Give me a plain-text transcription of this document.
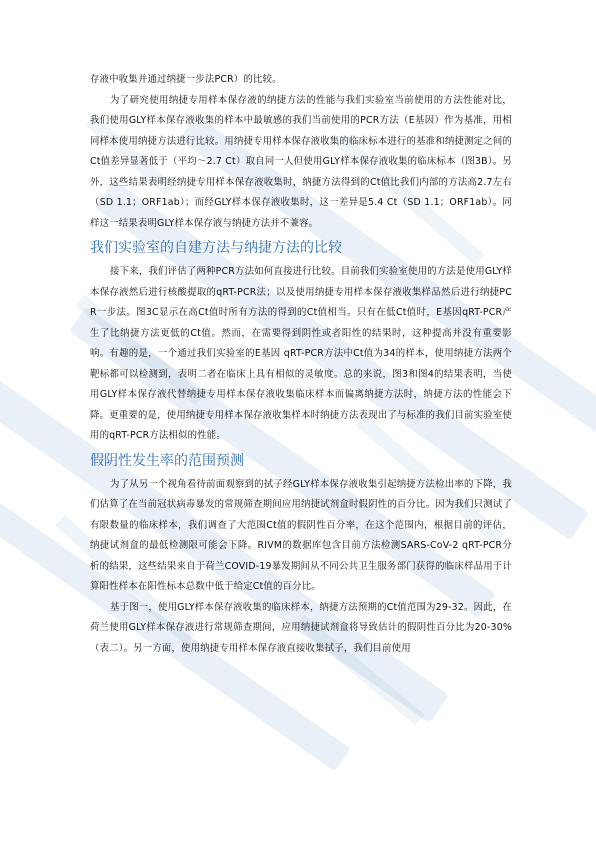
存液中收集并通过纳捷一步法PCR）的比较。

为了研究使用纳捷专用样本保存液的纳捷方法的性能与我们实验室当前使用的方法性能对比，我们使用GLY样本保存液收集的样本中最敏感的我们当前使用的PCR方法（E基因）作为基准，用相同样本使用纳捷方法进行比较。用纳捷专用样本保存液收集的临床标本进行的基准和纳捷测定之间的Ct值差异显著低于（平均～2.7 Ct）取自同一人但使用GLY样本保存液收集的临床标本（图3B）。另外，这些结果表明经纳捷专用样本保存液收集时，纳捷方法得到的Ct值比我们内部的方法高2.7左右（SD 1.1；ORF1ab）；而经GLY样本保存液收集时，这一差异是5.4 Ct（SD 1.1；ORF1ab）。同样这一结果表明GLY样本保存液与纳捷方法并不兼容。

我们实验室的自建方法与纳捷方法的比较

接下来，我们评估了两种PCR方法如何直接进行比较。目前我们实验室使用的方法是使用GLY样本保存液然后进行核酸提取的qRT-PCR法；以及使用纳捷专用样本保存液收集样品然后进行纳捷PCR一步法。图3C显示在高Ct值时所有方法的得到的Ct值相当。只有在低Ct值时，E基因qRT-PCR产生了比纳捷方法更低的Ct值。然而，在需要得到阴性或者阳性的结果时，这种提高并没有重要影响。有趣的是，一个通过我们实验室的E基因 qRT-PCR方法中Ct值为34的样本，使用纳捷方法两个靶标都可以检测到，表明二者在临床上具有相似的灵敏度。总的来说，图3和图4的结果表明，当使用GLY样本保存液代替纳捷专用样本保存液收集临床样本而偏离纳捷方法时，纳捷方法的性能会下降。更重要的是，使用纳捷专用样本保存液收集样本时纳捷方法表现出了与标准的我们目前实验室使用的qRT-PCR方法相似的性能。

假阴性发生率的范围预测

为了从另一个视角看待前面观察到的拭子经GLY样本保存液收集引起纳捷方法检出率的下降，我们估算了在当前冠状病毒暴发的常规筛查期间应用纳捷试剂盒时假阴性的百分比。因为我们只测试了有限数量的临床样本，我们调查了大范围Ct值的假阴性百分率，在这个范围内，根据目前的评估，纳捷试剂盒的最低检测限可能会下降。RIVM的数据库包含目前方法检测SARS-CoV-2 qRT-PCR分析的结果，这些结果来自于荷兰COVID-19暴发期间从不同公共卫生服务部门获得的临床样品用于计算阳性样本在阳性标本总数中低于给定Ct值的百分比。

基于图一，使用GLY样本保存液收集的临床样本，纳捷方法预期的Ct值范围为29-32。因此，在荷兰使用GLY样本保存液进行常规筛查期间，应用纳捷试剂盒将导致估计的假阴性百分比为20-30%（表二）。另一方面，使用纳捷专用样本保存液直接收集拭子，我们目前使用
